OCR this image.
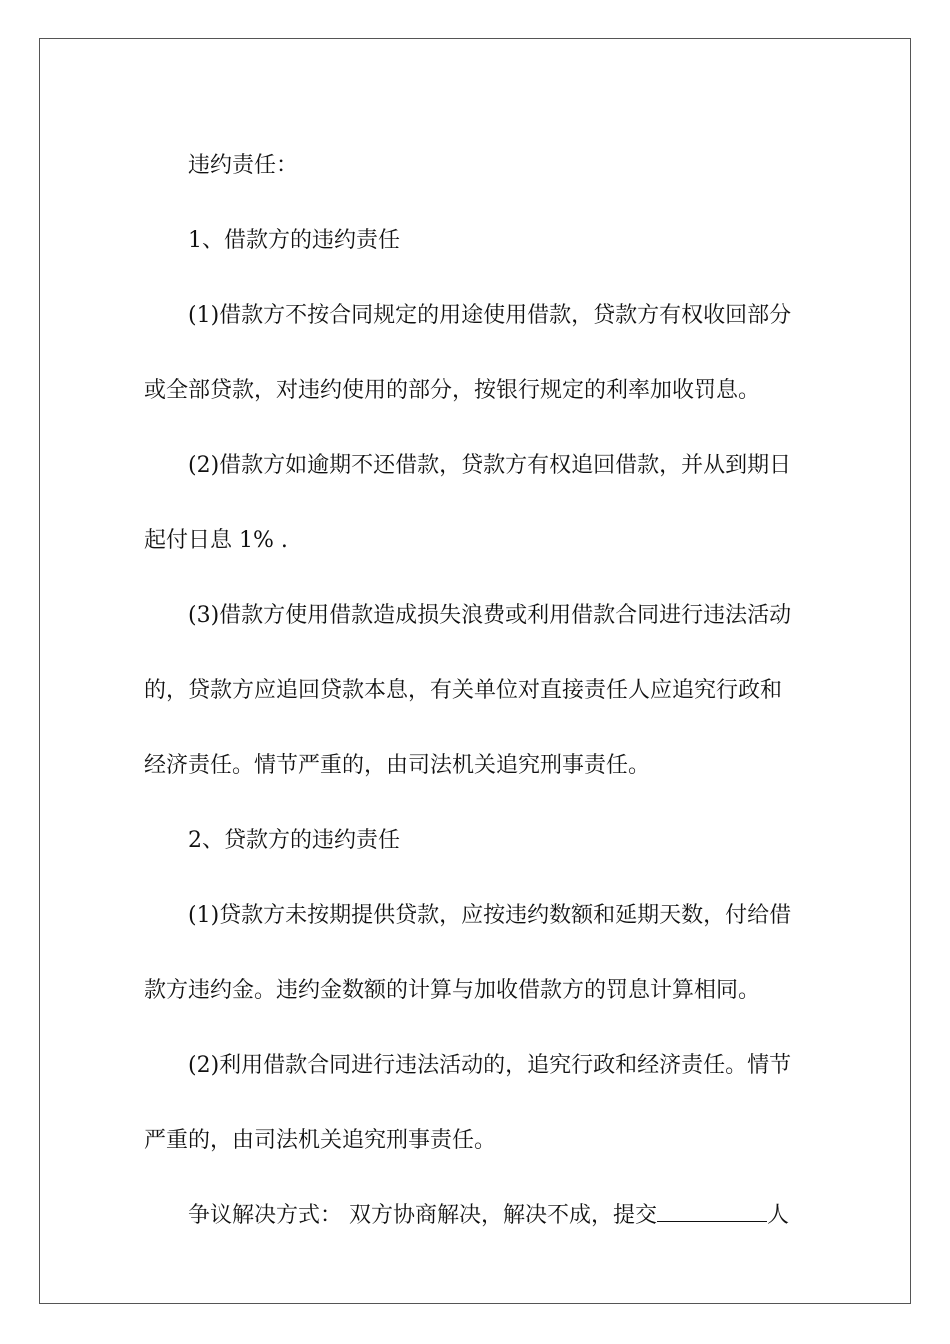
违约责任：

1、借款方的违约责任

(1)借款方不按合同规定的用途使用借款，贷款方有权收回部分

或全部贷款，对违约使用的部分，按银行规定的利率加收罚息。

(2)借款方如逾期不还借款，贷款方有权追回借款，并从到期日

起付日息 1% .

(3)借款方使用借款造成损失浪费或利用借款合同进行违法活动

的，贷款方应追回贷款本息，有关单位对直接责任人应追究行政和

经济责任。情节严重的，由司法机关追究刑事责任。

2、贷款方的违约责任

(1)贷款方未按期提供贷款，应按违约数额和延期天数，付给借

款方违约金。违约金数额的计算与加收借款方的罚息计算相同。

(2)利用借款合同进行违法活动的，追究行政和经济责任。情节

严重的，由司法机关追究刑事责任。

争议解决方式： 双方协商解决，解决不成，提交	人
